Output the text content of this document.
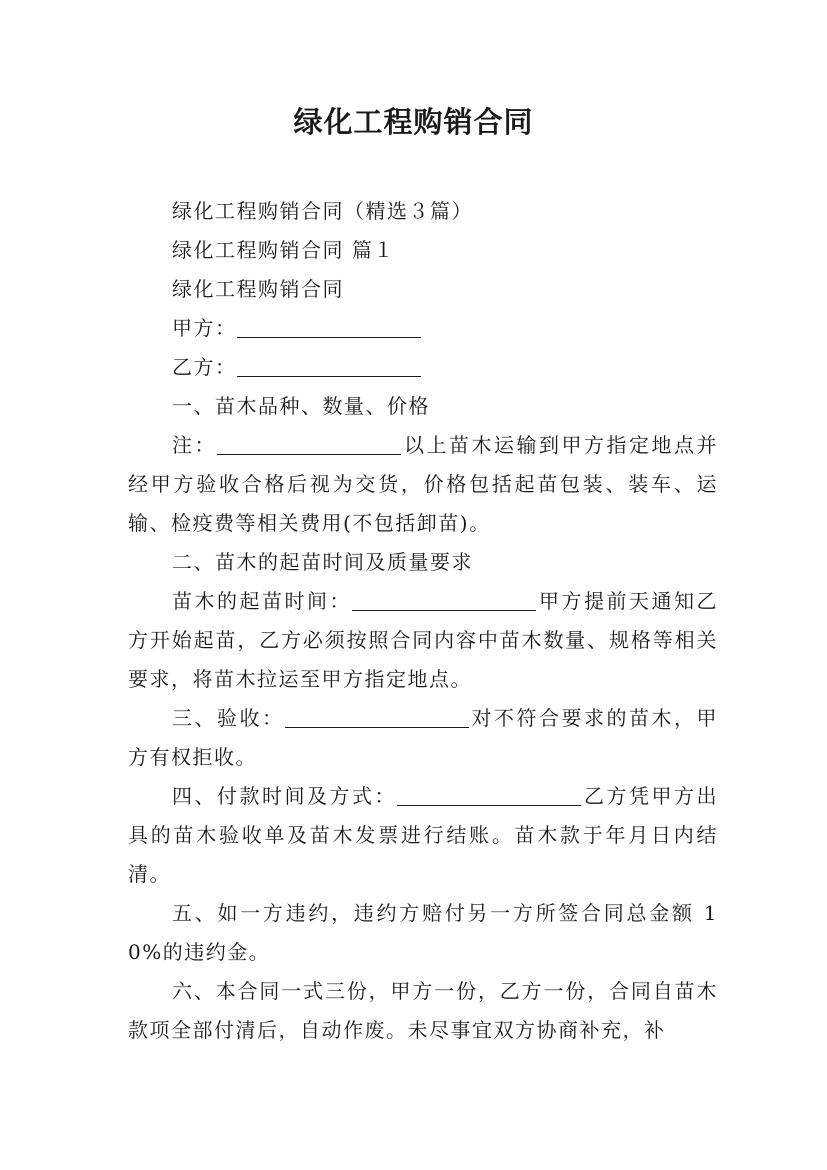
绿化工程购销合同

绿化工程购销合同（精选３篇）

绿化工程购销合同 篇１

绿化工程购销合同

甲方：

乙方：

一、苗木品种、数量、价格

注：	以上苗木运输到甲方指定地点并经甲方验收合格后视为交货，价格包括起苗包装、装车、运输、检疫费等相关费用(不包括卸苗)。

二、苗木的起苗时间及质量要求

苗木的起苗时间：	甲方提前天通知乙方开始起苗，乙方必须按照合同内容中苗木数量、规格等相关要求，将苗木拉运至甲方指定地点。

三、验收：	对不符合要求的苗木，甲方有权拒收。

四、付款时间及方式：	乙方凭甲方出具的苗木验收单及苗木发票进行结账。苗木款于年月日内结清。

五、如一方违约，违约方赔付另一方所签合同总金额 10%的违约金。

六、本合同一式三份，甲方一份，乙方一份，合同自苗木款项全部付清后，自动作废。未尽事宜双方协商补充，补
